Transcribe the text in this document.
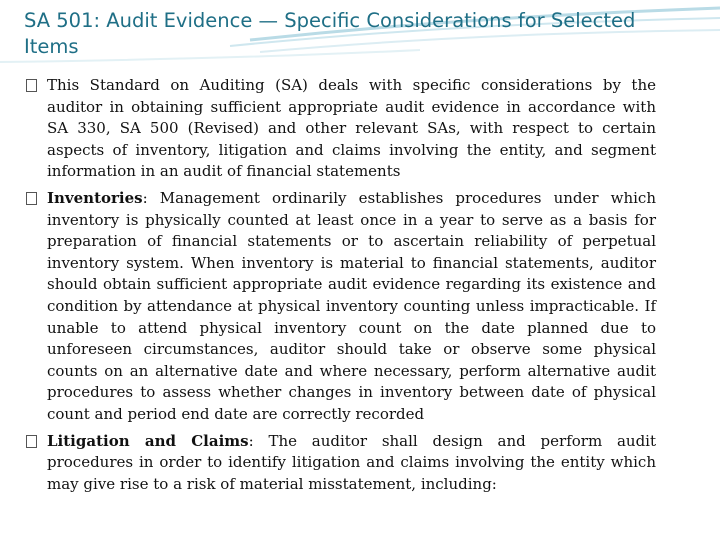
SA 501: Audit Evidence — Specific Considerations for Selected Items

This Standard on Auditing (SA) deals with specific considerations by the auditor in obtaining sufficient appropriate audit evidence in accordance with SA 330, SA 500 (Revised) and other relevant SAs, with respect to certain aspects of inventory, litigation and claims involving the entity, and segment information in an audit of financial statements

Inventories: Management ordinarily establishes procedures under which inventory is physically counted at least once in a year to serve as a basis for preparation of financial statements or to ascertain reliability of perpetual inventory system. When inventory is material to financial statements, auditor should obtain sufficient appropriate audit evidence regarding its existence and condition by attendance at physical inventory counting unless impracticable. If unable to attend physical inventory count on the date planned due to unforeseen circumstances, auditor should take or observe some physical counts on an alternative date and where necessary, perform alternative audit procedures to assess whether changes in inventory between date of physical count and period end date are correctly recorded

Litigation and Claims: The auditor shall design and perform audit procedures in order to identify litigation and claims involving the entity which may give rise to a risk of material misstatement, including:
